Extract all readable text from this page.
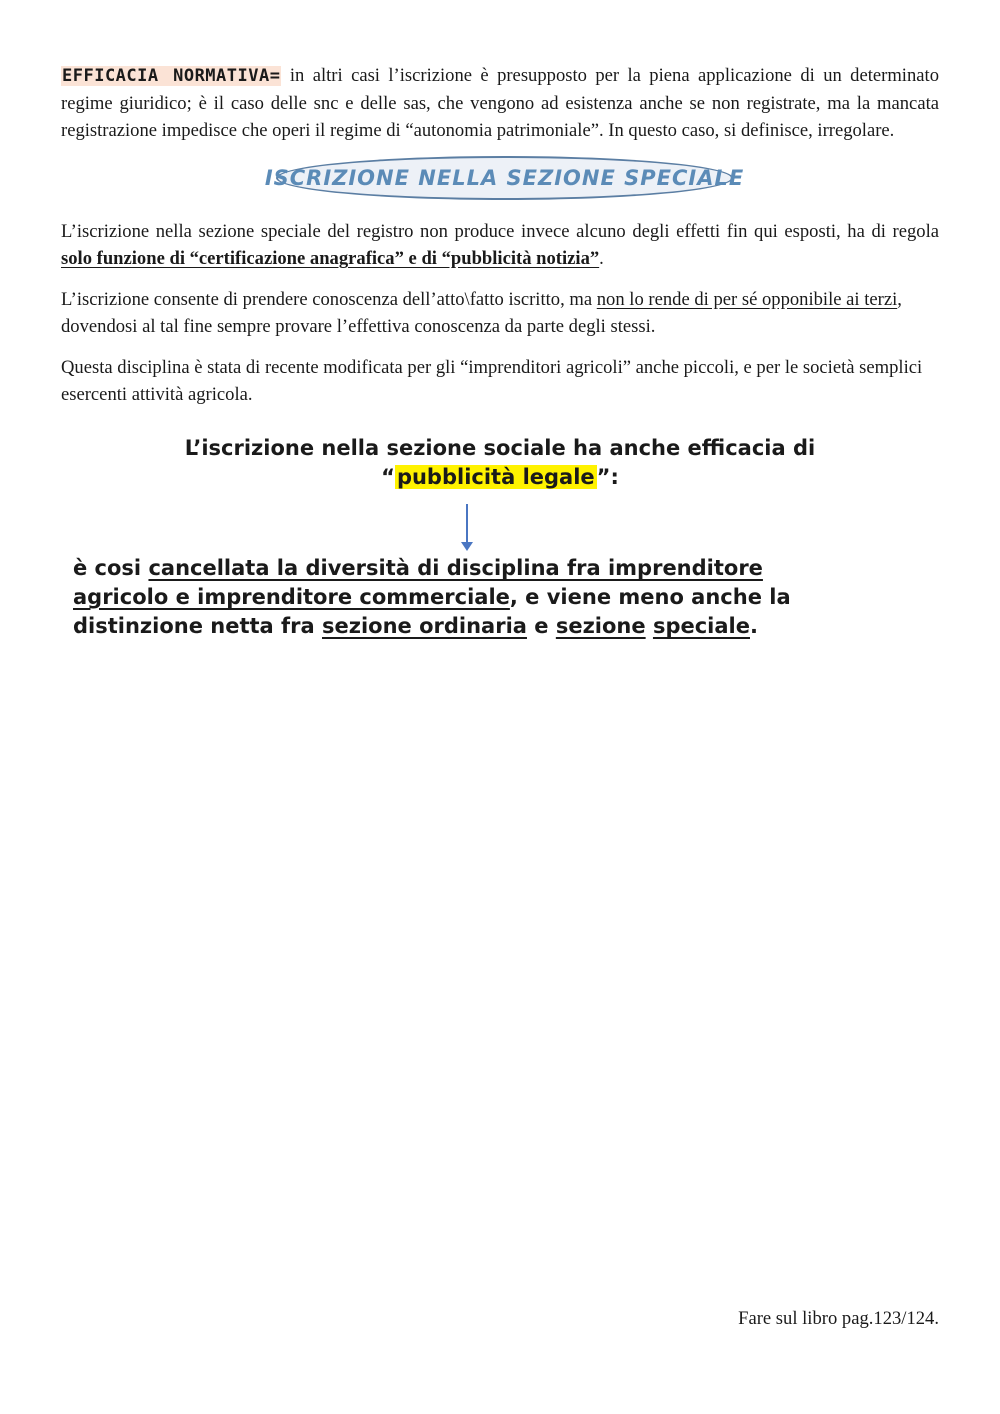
EFFICACIA NORMATIVA= in altri casi l’iscrizione è presupposto per la piena applicazione di un determinato regime giuridico; è il caso delle snc e delle sas, che vengono ad esistenza anche se non registrate, ma la mancata registrazione impedisce che operi il regime di “autonomia patrimoniale”. In questo caso, si definisce, irregolare.

ISCRIZIONE NELLA SEZIONE SPECIALE

L’iscrizione nella sezione speciale del registro non produce invece alcuno degli effetti fin qui esposti, ha di regola solo funzione di “certificazione anagrafica” e di “pubblicità notizia”.

L’iscrizione consente di prendere conoscenza dell’atto\fatto iscritto, ma non lo rende di per sé opponibile ai terzi, dovendosi al tal fine sempre provare l’effettiva conoscenza da parte degli stessi.

Questa disciplina è stata di recente modificata per gli “imprenditori agricoli” anche piccoli, e per le società semplici esercenti attività agricola.

L’iscrizione nella sezione sociale ha anche efficacia di
“pubblicità legale”:
è cosi cancellata la diversità di disciplina fra imprenditore agricolo e imprenditore commerciale, e viene meno anche la distinzione netta fra sezione ordinaria e sezione speciale.
Fare sul libro pag.123/124.
